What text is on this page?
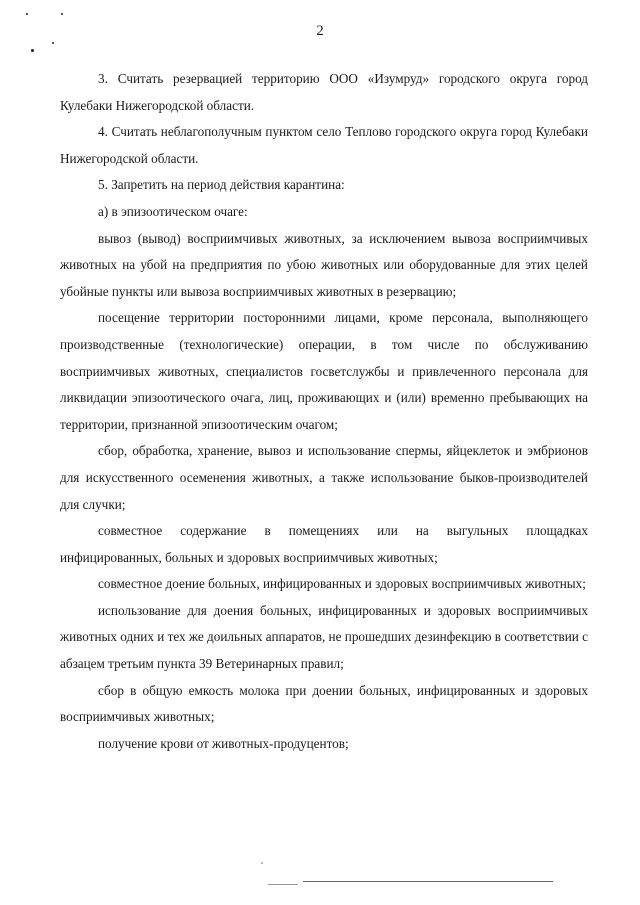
2

3. Считать резервацией территорию ООО «Изумруд» городского округа город Кулебаки Нижегородской области.

4. Считать неблагополучным пунктом село Теплово городского округа город Кулебаки Нижегородской области.

5. Запретить на период действия карантина:

а) в эпизоотическом очаге:

вывоз (вывод) восприимчивых животных, за исключением вывоза восприимчивых животных на убой на предприятия по убою животных или оборудованные для этих целей убойные пункты или вывоза восприимчивых животных в резервацию;

посещение территории посторонними лицами, кроме персонала, выполняющего производственные (технологические) операции, в том числе по обслуживанию восприимчивых животных, специалистов госветслужбы и привлеченного персонала для ликвидации эпизоотического очага, лиц, проживающих и (или) временно пребывающих на территории, признанной эпизоотическим очагом;

сбор, обработка, хранение, вывоз и использование спермы, яйцеклеток и эмбрионов для искусственного осеменения животных, а также использование быков-производителей для случки;

совместное содержание в помещениях или на выгульных площадках инфицированных, больных и здоровых восприимчивых животных;

совместное доение больных, инфицированных и здоровых восприимчивых животных;

использование для доения больных, инфицированных и здоровых восприимчивых животных одних и тех же доильных аппаратов, не прошедших дезинфекцию в соответствии с абзацем третьим пункта 39 Ветеринарных правил;

сбор в общую емкость молока при доении больных, инфицированных и здоровых восприимчивых животных;

получение крови от животных-продуцентов;
